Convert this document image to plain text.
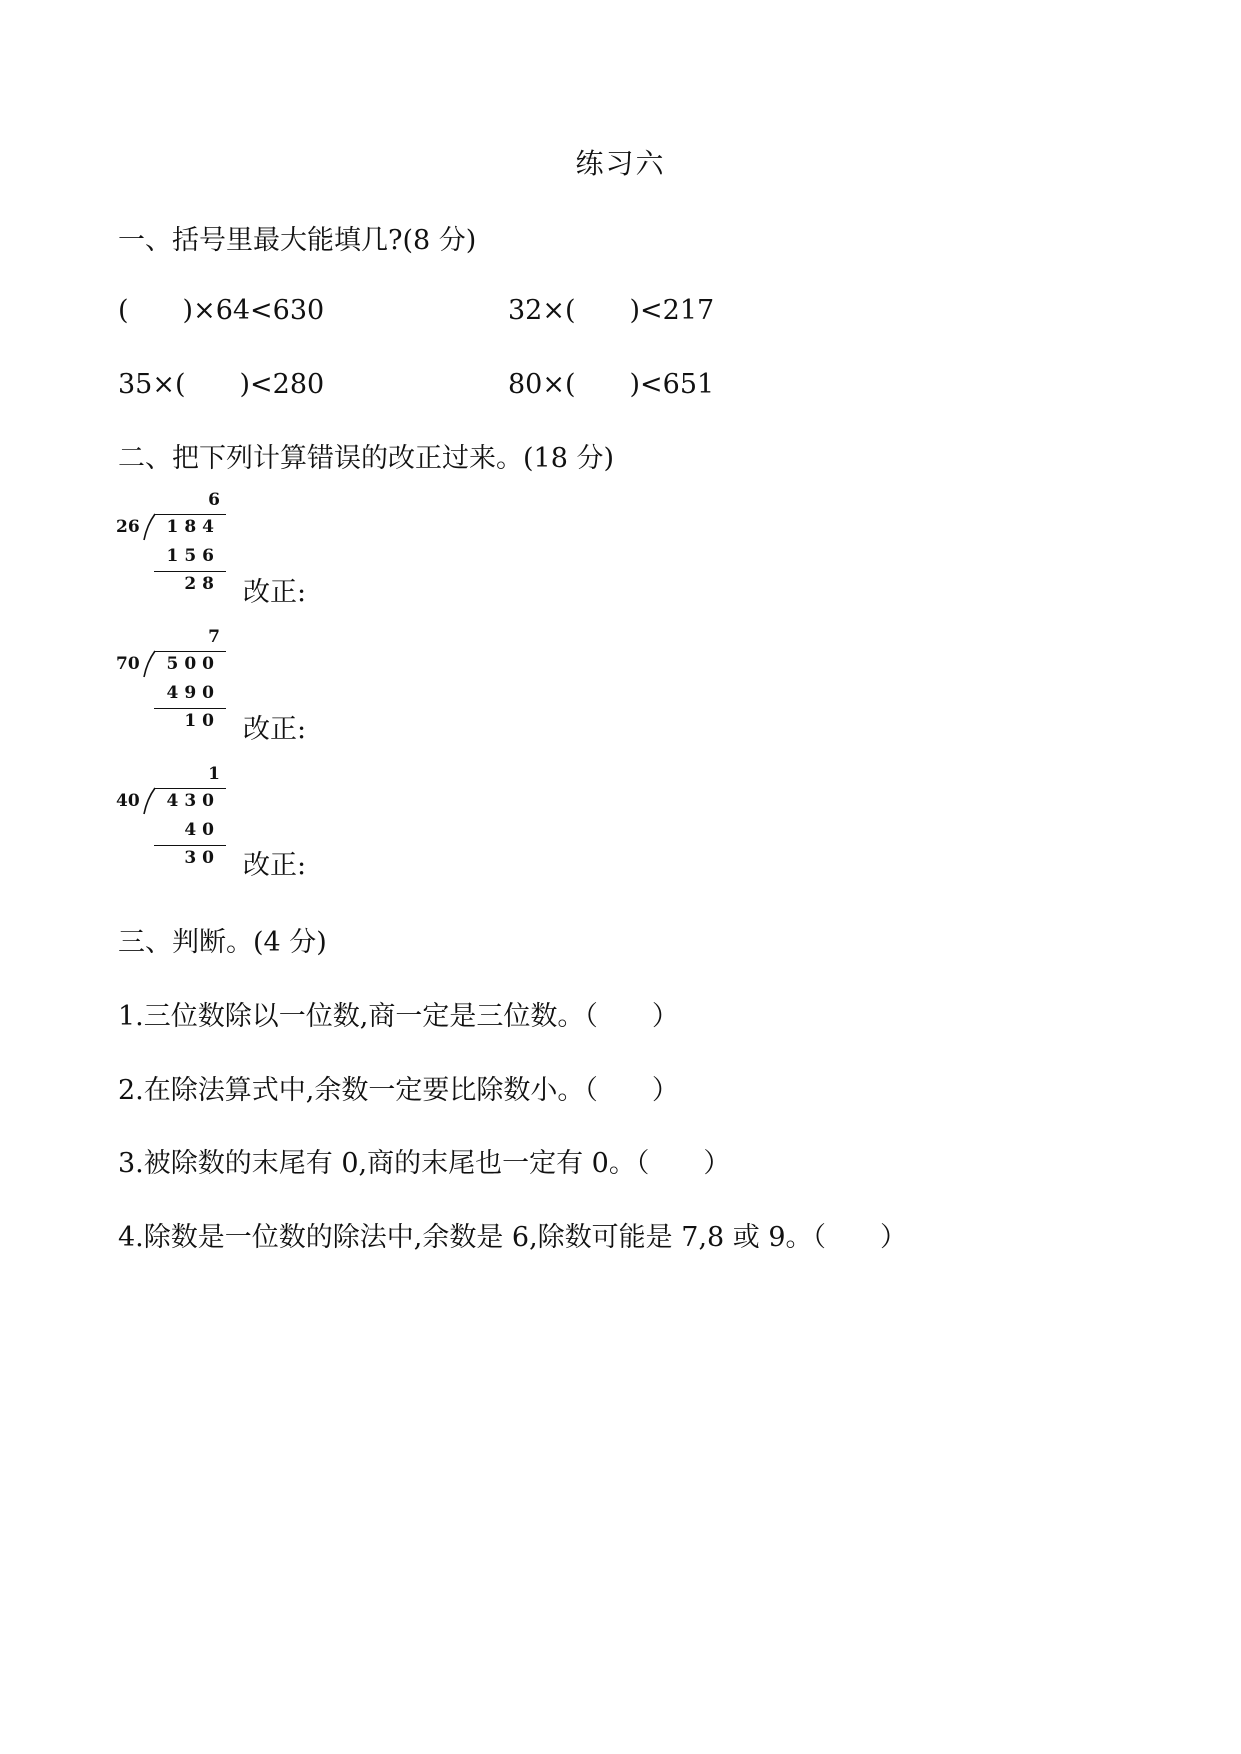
练习六
一、括号里最大能填几?(8 分)
(　　)×64<630	32×(　　)<217
35×(　　)<280	80×(　　)<651
二、把下列计算错误的改正过来。(18 分)
6
26	184
156
28 改正:
7
70	500
490
10 改正:
1
40	430
40
30 改正:
三、判断。(4 分)
1.三位数除以一位数,商一定是三位数。（　　）
2.在除法算式中,余数一定要比除数小。（　　）
3.被除数的末尾有 0,商的末尾也一定有 0。（　　）
4.除数是一位数的除法中,余数是 6,除数可能是 7,8 或 9。（　　）
